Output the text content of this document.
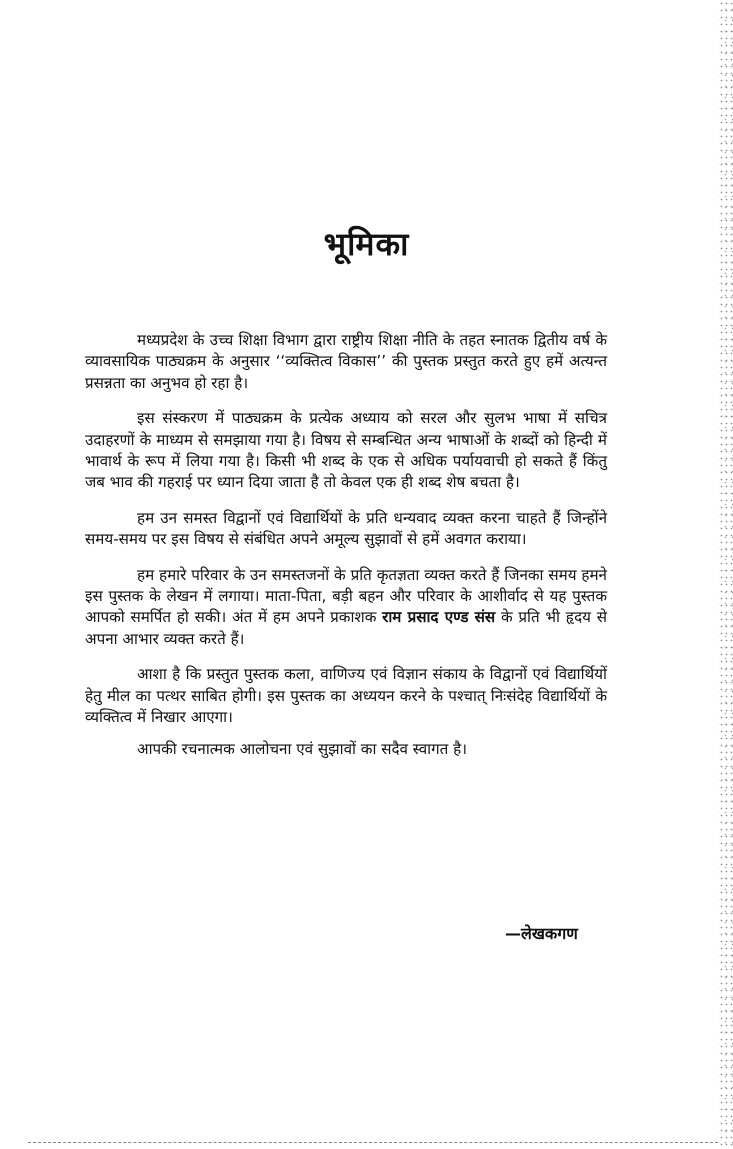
भूमिका

मध्यप्रदेश के उच्च शिक्षा विभाग द्वारा राष्ट्रीय शिक्षा नीति के तहत स्नातक द्वितीय वर्ष के व्यावसायिक पाठ्यक्रम के अनुसार ‘‘व्यक्तित्व विकास’’ की पुस्तक प्रस्तुत करते हुए हमें अत्यन्त प्रसन्नता का अनुभव हो रहा है।

इस संस्करण में पाठ्यक्रम के प्रत्येक अध्याय को सरल और सुलभ भाषा में सचित्र उदाहरणों के माध्यम से समझाया गया है। विषय से सम्बन्धित अन्य भाषाओं के शब्दों को हिन्दी में भावार्थ के रूप में लिया गया है। किसी भी शब्द के एक से अधिक पर्यायवाची हो सकते हैं किंतु जब भाव की गहराई पर ध्यान दिया जाता है तो केवल एक ही शब्द शेष बचता है।

हम उन समस्त विद्वानों एवं विद्यार्थियों के प्रति धन्यवाद व्यक्त करना चाहते हैं जिन्होंने समय-समय पर इस विषय से संबंधित अपने अमूल्य सुझावों से हमें अवगत कराया।

हम हमारे परिवार के उन समस्तजनों के प्रति कृतज्ञता व्यक्त करते हैं जिनका समय हमने इस पुस्तक के लेखन में लगाया। माता-पिता, बड़ी बहन और परिवार के आशीर्वाद से यह पुस्तक आपको समर्पित हो सकी। अंत में हम अपने प्रकाशक राम प्रसाद एण्ड संस के प्रति भी हृदय से अपना आभार व्यक्त करते हैं।

आशा है कि प्रस्तुत पुस्तक कला, वाणिज्य एवं विज्ञान संकाय के विद्वानों एवं विद्यार्थियों हेतु मील का पत्थर साबित होगी। इस पुस्तक का अध्ययन करने के पश्चात् निःसंदेह विद्यार्थियों के व्यक्तित्व में निखार आएगा।

आपकी रचनात्मक आलोचना एवं सुझावों का सदैव स्वागत है।

—लेखकगण
